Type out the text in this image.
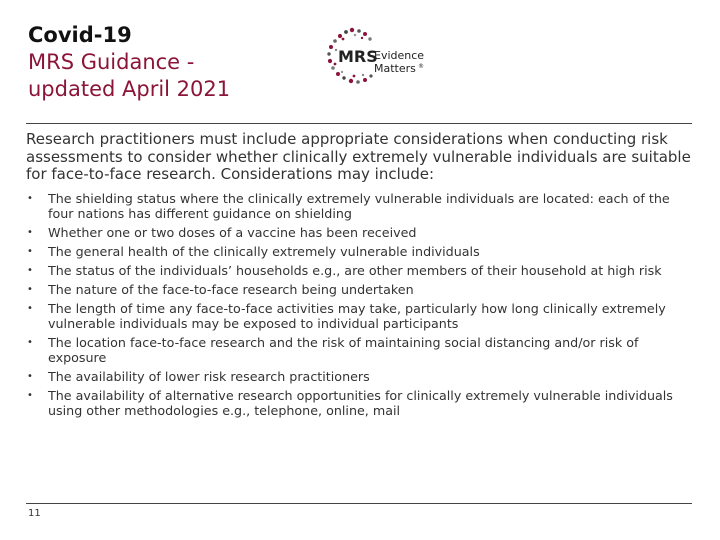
Covid-19
MRS Guidance -
updated April 2021
MRS
Evidence
Matters ®

Research practitioners must include appropriate considerations when conducting risk assessments to consider whether clinically extremely vulnerable individuals are suitable for face-to-face research. Considerations may include:

• The shielding status where the clinically extremely vulnerable individuals are located: each of the four nations has different guidance on shielding
• Whether one or two doses of a vaccine has been received
• The general health of the clinically extremely vulnerable individuals
• The status of the individuals’ households e.g., are other members of their household at high risk
• The nature of the face-to-face research being undertaken
• The length of time any face-to-face activities may take, particularly how long clinically extremely vulnerable individuals may be exposed to individual participants
• The location face-to-face research and the risk of maintaining social distancing and/or risk of exposure
• The availability of lower risk research practitioners
• The availability of alternative research opportunities for clinically extremely vulnerable individuals using other methodologies e.g., telephone, online, mail
11
